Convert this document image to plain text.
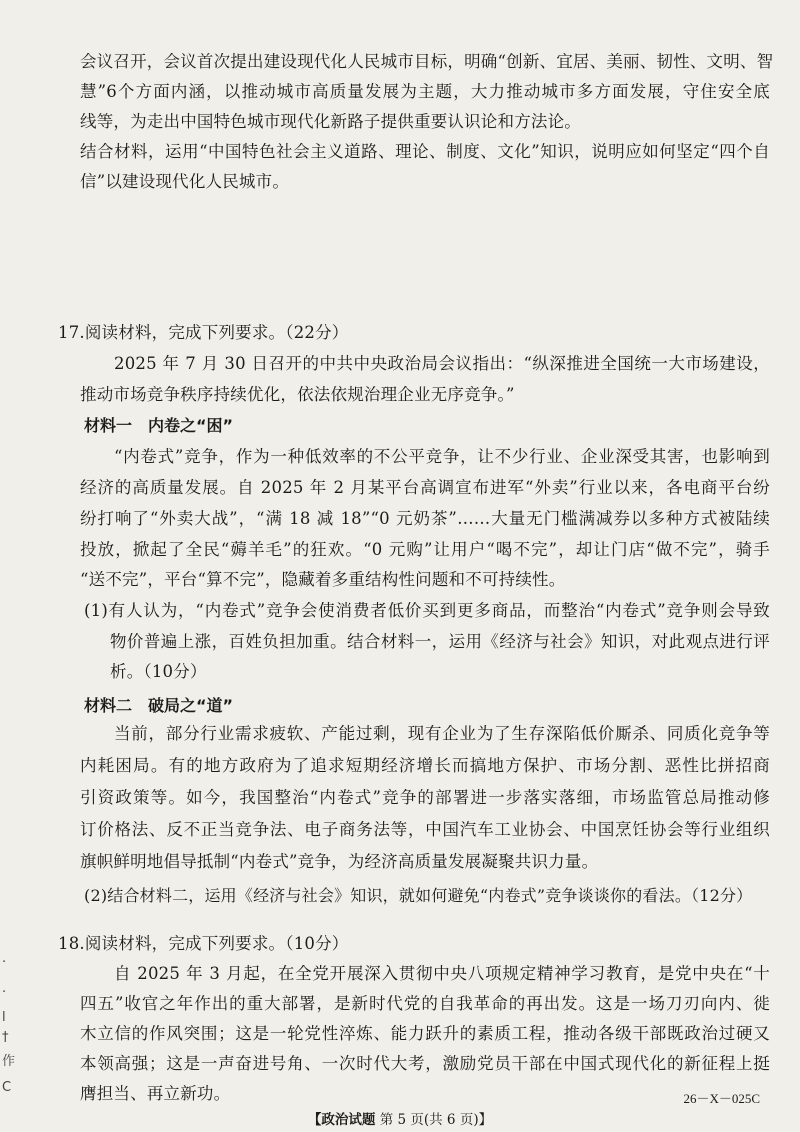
会议召开，会议首次提出建设现代化人民城市目标，明确“创新、宜居、美丽、韧性、文明、智
慧”6个方面内涵，以推动城市高质量发展为主题，大力推动城市多方面发展，守住安全底
线等，为走出中国特色城市现代化新路子提供重要认识论和方法论。
结合材料，运用“中国特色社会主义道路、理论、制度、文化”知识，说明应如何坚定“四个自
信”以建设现代化人民城市。
17.阅读材料，完成下列要求。（22分）
2025 年 7 月 30 日召开的中共中央政治局会议指出：“纵深推进全国统一大市场建设，
推动市场竞争秩序持续优化，依法依规治理企业无序竞争。”
材料一　内卷之“困”
“内卷式”竞争，作为一种低效率的不公平竞争，让不少行业、企业深受其害，也影响到
经济的高质量发展。自 2025 年 2 月某平台高调宣布进军“外卖”行业以来，各电商平台纷
纷打响了“外卖大战”，“满 18 减 18”“0 元奶茶”……大量无门槛满减券以多种方式被陆续
投放，掀起了全民“薅羊毛”的狂欢。“0 元购”让用户“喝不完”，却让门店“做不完”，骑手
“送不完”，平台“算不完”，隐藏着多重结构性问题和不可持续性。
(1)有人认为，“内卷式”竞争会使消费者低价买到更多商品，而整治“内卷式”竞争则会导致
物价普遍上涨，百姓负担加重。结合材料一，运用《经济与社会》知识，对此观点进行评
析。（10分）
材料二　破局之“道”
当前，部分行业需求疲软、产能过剩，现有企业为了生存深陷低价厮杀、同质化竞争等
内耗困局。有的地方政府为了追求短期经济增长而搞地方保护、市场分割、恶性比拼招商
引资政策等。如今，我国整治“内卷式”竞争的部署进一步落实落细，市场监管总局推动修
订价格法、反不正当竞争法、电子商务法等，中国汽车工业协会、中国烹饪协会等行业组织
旗帜鲜明地倡导抵制“内卷式”竞争，为经济高质量发展凝聚共识力量。
(2)结合材料二，运用《经济与社会》知识，就如何避免“内卷式”竞争谈谈你的看法。（12分）
18.阅读材料，完成下列要求。（10分）
自 2025 年 3 月起，在全党开展深入贯彻中央八项规定精神学习教育，是党中央在“十
26－X－025C
【政治试题 第 5 页(共 6 页)】
·
·
l
†
作
C
四五”收官之年作出的重大部署，是新时代党的自我革命的再出发。这是一场刀刃向内、徙
木立信的作风突围；这是一轮党性淬炼、能力跃升的素质工程，推动各级干部既政治过硬又
本领高强；这是一声奋进号角、一次时代大考，激励党员干部在中国式现代化的新征程上挺
膺担当、再立新功。
